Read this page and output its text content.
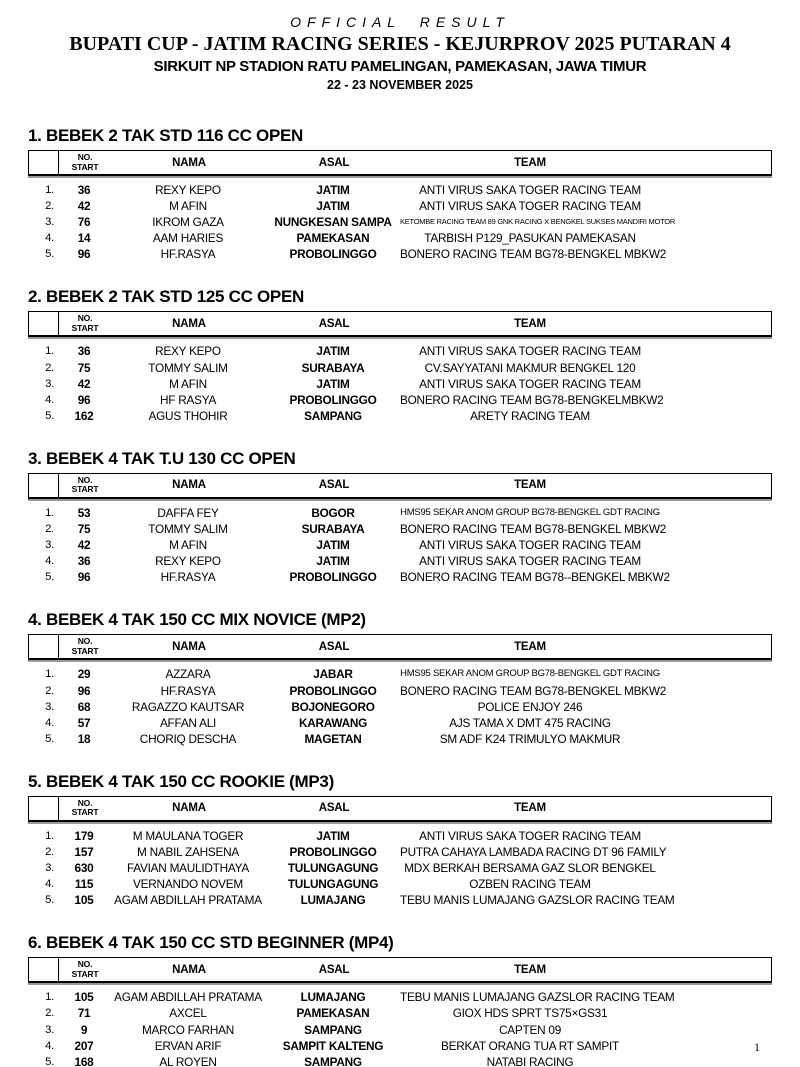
OFFICIAL RESULT
BUPATI CUP - JATIM RACING SERIES - KEJURPROV 2025 PUTARAN 4
SIRKUIT NP STADION RATU PAMELINGAN, PAMEKASAN, JAWA TIMUR
22 - 23 NOVEMBER 2025
1. BEBEK 2 TAK STD 116 CC OPEN
NO.
START	NAMA	ASAL	TEAM
1.	36	REXY KEPO	JATIM	ANTI VIRUS SAKA TOGER RACING TEAM
2.	42	M AFIN	JATIM	ANTI VIRUS SAKA TOGER RACING TEAM
3.	76	IKROM GAZA	NUNGKESAN SAMPA	KETOMBE RACING TEAM 89 GNK RACING X BENGKEL SUKSES MANDIRI MOTOR
4.	14	AAM HARIES	PAMEKASAN	TARBISH P129_PASUKAN PAMEKASAN
5.	96	HF.RASYA	PROBOLINGGO	BONERO RACING TEAM BG78-BENGKEL MBKW2
2. BEBEK 2 TAK STD 125 CC OPEN
NO.
START	NAMA	ASAL	TEAM
1.	36	REXY KEPO	JATIM	ANTI VIRUS SAKA TOGER RACING TEAM
2.	75	TOMMY SALIM	SURABAYA	CV.SAYYATANI MAKMUR BENGKEL 120
3.	42	M AFIN	JATIM	ANTI VIRUS SAKA TOGER RACING TEAM
4.	96	HF RASYA	PROBOLINGGO	BONERO RACING TEAM BG78-BENGKELMBKW2
5.	162	AGUS THOHIR	SAMPANG	ARETY RACING TEAM
3. BEBEK 4 TAK T.U 130 CC OPEN
NO.
START	NAMA	ASAL	TEAM
1.	53	DAFFA FEY	BOGOR	HMS95 SEKAR ANOM GROUP BG78-BENGKEL GDT RACING
2.	75	TOMMY SALIM	SURABAYA	BONERO RACING TEAM BG78-BENGKEL MBKW2
3.	42	M AFIN	JATIM	ANTI VIRUS SAKA TOGER RACING TEAM
4.	36	REXY KEPO	JATIM	ANTI VIRUS SAKA TOGER RACING TEAM
5.	96	HF.RASYA	PROBOLINGGO	BONERO RACING TEAM BG78--BENGKEL MBKW2
4. BEBEK 4 TAK 150 CC MIX NOVICE (MP2)
NO.
START	NAMA	ASAL	TEAM
1.	29	AZZARA	JABAR	HMS95 SEKAR ANOM GROUP BG78-BENGKEL GDT RACING
2.	96	HF.RASYA	PROBOLINGGO	BONERO RACING TEAM BG78-BENGKEL MBKW2
3.	68	RAGAZZO KAUTSAR	BOJONEGORO	POLICE ENJOY 246
4.	57	AFFAN ALI	KARAWANG	AJS TAMA X DMT 475 RACING
5.	18	CHORIQ DESCHA	MAGETAN	SM ADF K24 TRIMULYO MAKMUR
5. BEBEK 4 TAK 150 CC ROOKIE (MP3)
NO.
START	NAMA	ASAL	TEAM
1.	179	M MAULANA TOGER	JATIM	ANTI VIRUS SAKA TOGER RACING TEAM
2.	157	M NABIL ZAHSENA	PROBOLINGGO	PUTRA CAHAYA LAMBADA RACING DT 96 FAMILY
3.	630	FAVIAN MAULIDTHAYA	TULUNGAGUNG	MDX BERKAH BERSAMA GAZ SLOR BENGKEL
4.	115	VERNANDO NOVEM	TULUNGAGUNG	OZBEN RACING TEAM
5.	105	AGAM ABDILLAH PRATAMA	LUMAJANG	TEBU MANIS LUMAJANG GAZSLOR RACING TEAM
6. BEBEK 4 TAK 150 CC STD BEGINNER (MP4)
NO.
START	NAMA	ASAL	TEAM
1.	105	AGAM ABDILLAH PRATAMA	LUMAJANG	TEBU MANIS LUMAJANG GAZSLOR RACING TEAM
2.	71	AXCEL	PAMEKASAN	GIOX HDS SPRT TS75×GS31
3.	9	MARCO FARHAN	SAMPANG	CAPTEN 09
4.	207	ERVAN ARIF	SAMPIT KALTENG	BERKAT ORANG TUA RT SAMPIT
5.	168	AL ROYEN	SAMPANG	NATABI RACING
1
